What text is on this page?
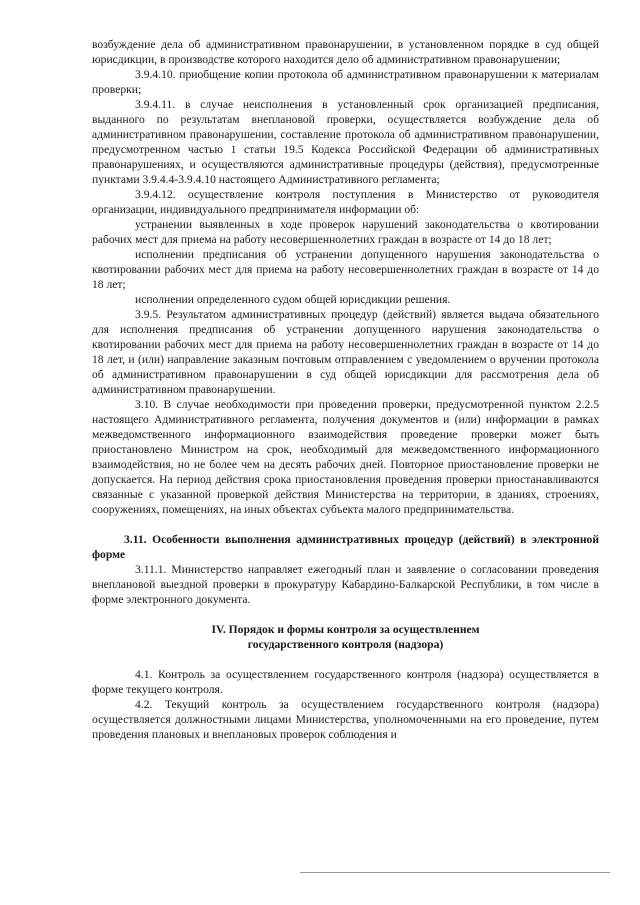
возбуждение дела об административном правонарушении, в установленном порядке в суд общей юрисдикции, в производстве которого находится дело об административном правонарушении;

3.9.4.10. приобщение копии протокола об административном правонарушении к материалам проверки;

3.9.4.11. в случае неисполнения в установленный срок организацией предписания, выданного по результатам внеплановой проверки, осуществляется возбуждение дела об административном правонарушении, составление протокола об административном правонарушении, предусмотренном частью 1 статьи 19.5 Кодекса Российской Федерации об административных правонарушениях, и осуществляются административные процедуры (действия), предусмотренные пунктами 3.9.4.4-3.9.4.10 настоящего Административного регламента;

3.9.4.12. осуществление контроля поступления в Министерство от руководителя организации, индивидуального предпринимателя информации об:

устранении выявленных в ходе проверок нарушений законодательства о квотировании рабочих мест для приема на работу несовершеннолетних граждан в возрасте от 14 до 18 лет;

исполнении предписания об устранении допущенного нарушения законодательства о квотировании рабочих мест для приема на работу несовершеннолетних граждан в возрасте от 14 до 18 лет;

исполнении определенного судом общей юрисдикции решения.

3.9.5. Результатом административных процедур (действий) является выдача обязательного для исполнения предписания об устранении допущенного нарушения законодательства о квотировании рабочих мест для приема на работу несовершеннолетних граждан в возрасте от 14 до 18 лет, и (или) направление заказным почтовым отправлением с уведомлением о вручении протокола об административном правонарушении в суд общей юрисдикции для рассмотрения дела об административном правонарушении.

3.10. В случае необходимости при проведении проверки, предусмотренной пунктом 2.2.5 настоящего Административного регламента, получения документов и (или) информации в рамках межведомственного информационного взаимодействия проведение проверки может быть приостановлено Министром на срок, необходимый для межведомственного информационного взаимодействия, но не более чем на десять рабочих дней. Повторное приостановление проверки не допускается. На период действия срока приостановления проведения проверки приостанавливаются связанные с указанной проверкой действия Министерства на территории, в зданиях, строениях, сооружениях, помещениях, на иных объектах субъекта малого предпринимательства.

3.11. Особенности выполнения административных процедур (действий) в электронной форме

3.11.1. Министерство направляет ежегодный план и заявление о согласовании проведения внеплановой выездной проверки в прокуратуру Кабардино-Балкарской Республики, в том числе в форме электронного документа.

IV. Порядок и формы контроля за осуществлением
государственного контроля (надзора)

4.1. Контроль за осуществлением государственного контроля (надзора) осуществляется в форме текущего контроля.

4.2. Текущий контроль за осуществлением государственного контроля (надзора) осуществляется должностными лицами Министерства, уполномоченными на его проведение, путем проведения плановых и внеплановых проверок соблюдения и
